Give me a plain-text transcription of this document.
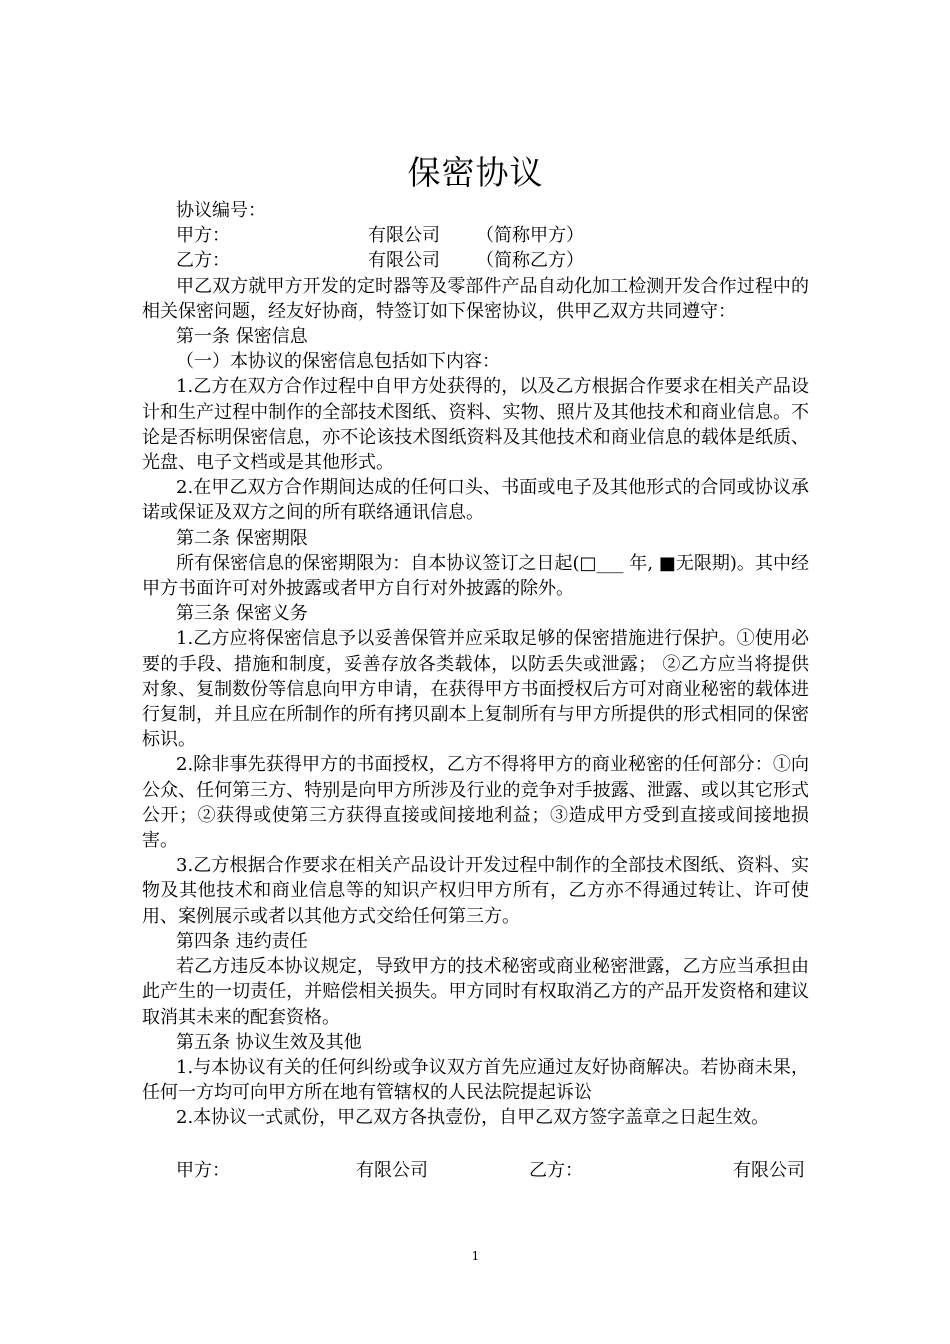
保密协议

协议编号：

甲方：	有限公司	（简称甲方）
乙方：	有限公司	（简称乙方）

甲乙双方就甲方开发的定时器等及零部件产品自动化加工检测开发合作过程中的相关保密问题，经友好协商，特签订如下保密协议，供甲乙双方共同遵守：

第一条 保密信息

（一）本协议的保密信息包括如下内容：

1.乙方在双方合作过程中自甲方处获得的，以及乙方根据合作要求在相关产品设计和生产过程中制作的全部技术图纸、资料、实物、照片及其他技术和商业信息。不论是否标明保密信息，亦不论该技术图纸资料及其他技术和商业信息的载体是纸质、光盘、电子文档或是其他形式。

2.在甲乙双方合作期间达成的任何口头、书面或电子及其他形式的合同或协议承诺或保证及双方之间的所有联络通讯信息。

第二条 保密期限

所有保密信息的保密期限为：自本协议签订之日起(□___ 年, ■无限期)。其中经甲方书面许可对外披露或者甲方自行对外披露的除外。

第三条 保密义务

1.乙方应将保密信息予以妥善保管并应采取足够的保密措施进行保护。①使用必要的手段、措施和制度，妥善存放各类载体，以防丢失或泄露； ②乙方应当将提供对象、复制数份等信息向甲方申请，在获得甲方书面授权后方可对商业秘密的载体进行复制，并且应在所制作的所有拷贝副本上复制所有与甲方所提供的形式相同的保密标识。

2.除非事先获得甲方的书面授权，乙方不得将甲方的商业秘密的任何部分：①向公众、任何第三方、特别是向甲方所涉及行业的竞争对手披露、泄露、或以其它形式公开；②获得或使第三方获得直接或间接地利益；③造成甲方受到直接或间接地损害。

3.乙方根据合作要求在相关产品设计开发过程中制作的全部技术图纸、资料、实物及其他技术和商业信息等的知识产权归甲方所有，乙方亦不得通过转让、许可使用、案例展示或者以其他方式交给任何第三方。

第四条 违约责任

若乙方违反本协议规定，导致甲方的技术秘密或商业秘密泄露，乙方应当承担由此产生的一切责任，并赔偿相关损失。甲方同时有权取消乙方的产品开发资格和建议取消其未来的配套资格。

第五条 协议生效及其他

1.与本协议有关的任何纠纷或争议双方首先应通过友好协商解决。若协商未果，任何一方均可向甲方所在地有管辖权的人民法院提起诉讼

2.本协议一式贰份，甲乙双方各执壹份，自甲乙双方签字盖章之日起生效。

甲方：	有限公司	乙方：	有限公司
1
